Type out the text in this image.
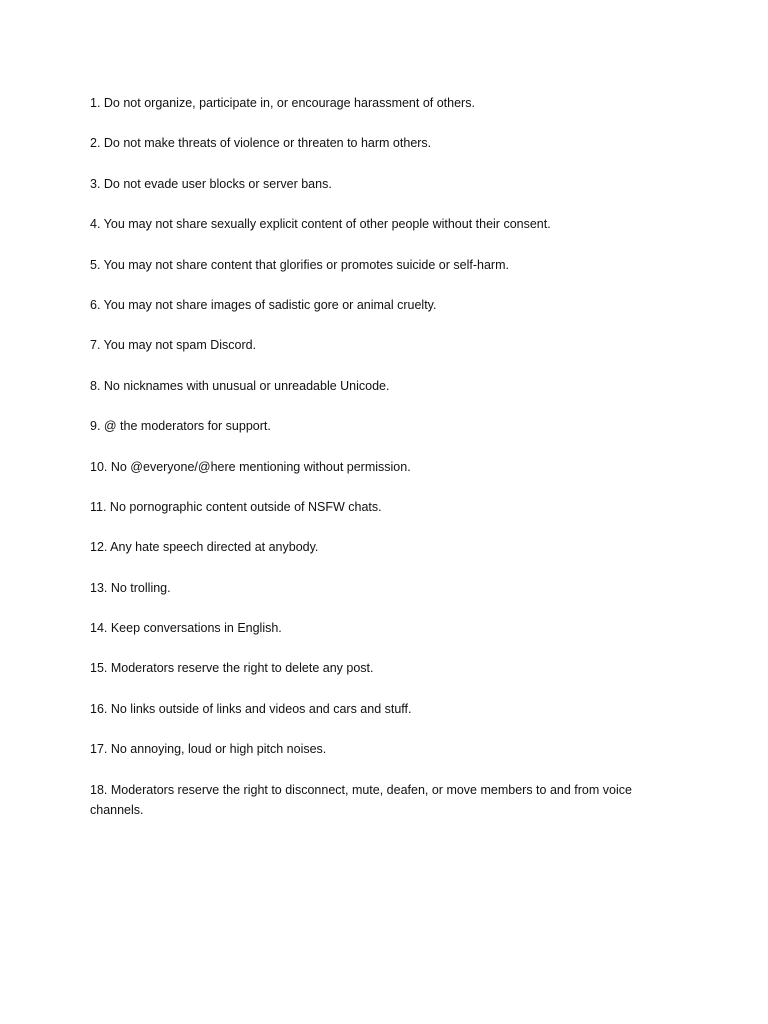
1. Do not organize, participate in, or encourage harassment of others.
2. Do not make threats of violence or threaten to harm others.
3. Do not evade user blocks or server bans.
4. You may not share sexually explicit content of other people without their consent.
5. You may not share content that glorifies or promotes suicide or self-harm.
6. You may not share images of sadistic gore or animal cruelty.
7. You may not spam Discord.
8. No nicknames with unusual or unreadable Unicode.
9. @ the moderators for support.
10. No @everyone/@here mentioning without permission.
11. No pornographic content outside of NSFW chats.
12. Any hate speech directed at anybody.
13. No trolling.
14. Keep conversations in English.
15. Moderators reserve the right to delete any post.
16. No links outside of links and videos and cars and stuff.
17. No annoying, loud or high pitch noises.
18. Moderators reserve the right to disconnect, mute, deafen, or move members to and from voice channels.
